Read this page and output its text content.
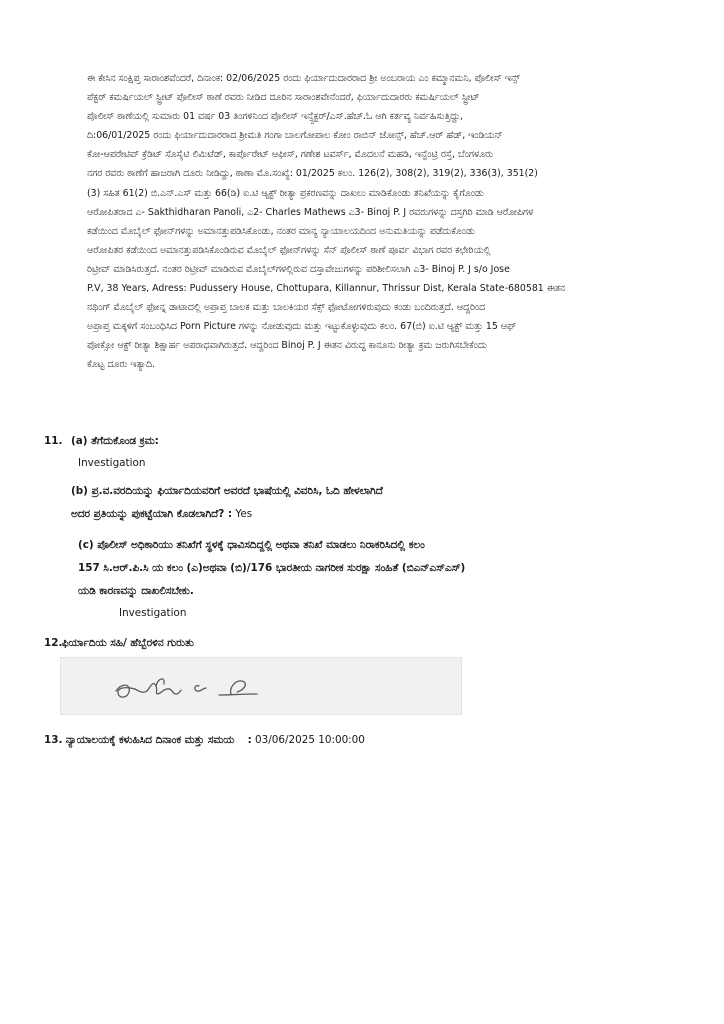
ಈ ಕೇಸಿನ ಸಂಕ್ಷಿಪ್ತ ಸಾರಾಂಶವೆಂದರೆ, ದಿನಾಂಕ: 02/06/2025 ರಂದು ಫಿರ್ಯಾದುದಾರರಾದ ಶ್ರೀ ಅಂಬರಾಯ ಎಂ ಕಮ್ಮಾನಮನಿ, ಪೊಲೀಸ್ ಇನ್ಸ್
ಪೆಕ್ಟರ್ ಕಮರ್ಷಿಯಲ್ ಸ್ಟ್ರೀಟ್ ಪೊಲೀಸ್ ಠಾಣೆ ರವರು ನೀಡಿದ ದೂರಿನ ಸಾರಾಂಶವೇನೆಂದರೆ, ಫಿರ್ಯಾದುದಾರರು ಕಮರ್ಷಿಯಲ್ ಸ್ಟ್ರೀಟ್
ಪೊಲೀಸ್ ಠಾಣೆಯಲ್ಲಿ ಸುಮಾರು 01 ವರ್ಷ 03 ತಿಂಗಳಿನಿಂದ ಪೊಲೀಸ್ ಇನ್ಸ್ಪೆಕ್ಟರ್/ಎಸ್.ಹೆಚ್.ಓ ಆಗಿ ಕರ್ತವ್ಯ ನಿರ್ವಹಿಸುತ್ತಿದ್ದು,
ದಿ:06/01/2025 ರಂದು ಫಿರ್ಯಾದುದಾರರಾದ ಶ್ರೀಮತಿ ಗಂಗಾ ಬಾಲಗೋಪಾಲ ಕೋಂ ರಾಬಿನ್ ಜೋನ್ಸ್, ಹೆಚ್.ಆರ್ ಹೆಡ್, ಇಂಡಿಯನ್
ಕೋ-ಆಪರೇಟಿವ್ ಕ್ರೆಡಿಟ್ ಸೊಸೈಟಿ ಲಿಮಿಟೆಡ್, ಕಾರ್ಪೊರೇಟ್ ಆಫೀಸ್, ಗಣೇಶ ಟವರ್ಸ್, ಮೊದಲನೆ ಮಹಡಿ, ಇನ್ಫೆಂಟ್ರಿ ರಸ್ತೆ, ಬೆಂಗಳೂರು
ನಗರ ರವರು ಠಾಣೆಗೆ ಹಾಜರಾಗಿ ದೂರು ನೀಡಿದ್ದು, ಠಾಣಾ ಮೊ.ಸಂಖ್ಯೆ: 01/2025 ಕಲಂ. 126(2), 308(2), 319(2), 336(3), 351(2)
(3) ಸಹಿತ 61(2) ಬಿ.ಎನ್.ಎಸ್ ಮತ್ತು 66(ಡಿ) ಐ.ಟಿ ಆ್ಯಕ್ಟ್ ರೀತ್ಯಾ ಪ್ರಕರಣವನ್ನು ದಾಖಲು ಮಾಡಿಕೊಂಡು ತನಿಖೆಯನ್ನು ಕೈಗೊಂಡು
ಆರೋಪಿತರಾದ ಎ- Sakthidharan Panoli, ಎ2- Charles Mathews ಎ3- Binoj P. J ರವರುಗಳನ್ನು ದಸ್ತಗಿರಿ ಮಾಡಿ ಆರೋಪಿಗಳ
ಕಡೆಯಿಂದ ಮೊಬೈಲ್ ಫೋನ್‌ಗಳನ್ನು ಅಮಾನತ್ತುಪಡಿಸಿಕೊಂಡು, ನಂತರ ಮಾನ್ಯ ನ್ಯಾಯಾಲಯದಿಂದ ಅನುಮತಿಯನ್ನು ಪಡೆದುಕೊಂಡು
ಆರೋಪಿತರ ಕಡೆಯಿಂದ ಅಮಾನತ್ತುಪಡಿಸಿಕೊಂಡಿರುವ ಮೊಬೈಲ್ ಫೋನ್‌ಗಳನ್ನು ಸೆನ್ ಪೊಲೀಸ್ ಠಾಣೆ ಪೂರ್ವ ವಿಭಾಗ ರವರ ಕಛೇರಿಯಲ್ಲಿ
ರಿಟ್ರೀವ್ ಮಾಡಿಸಿರುತ್ತದೆ. ನಂತರ ರಿಟ್ರೀವ್ ಮಾಡಿರುವ ಮೊಬೈಲ್‌ಗಳಲ್ಲಿರುವ ದಸ್ತಾವೇಜುಗಳನ್ನು ಪರಿಶೀಲಿಸಲಾಗಿ ಎ3- Binoj P. J s/o Jose
P.V, 38 Years, Adress: Pudussery House, Chottupara, Killannur, Thrissur Dist, Kerala State-680581 ಈತನ
ನಥಿಂಗ್ ಮೊಬೈಲ್ ಫೋನ್ನ ಡಾಟಾದಲ್ಲಿ ಅಪ್ರಾಪ್ತ ಬಾಲಕ ಮತ್ತು ಬಾಲಕಿಯರ ಸೆಕ್ಸ್ ಫೋಟೋಗಳಿರುವುದು ಕಂಡು ಬಂದಿರುತ್ತದೆ. ಆದ್ದರಿಂದ
ಅಪ್ರಾಪ್ತ ಮಕ್ಕಳಿಗೆ ಸಂಬಂಧಿಸಿದ Porn Picture ಗಳನ್ನು ನೋಡುವುದು ಮತ್ತು ಇಟ್ಟುಕೊಳ್ಳುವುದು ಕಲಂ. 67(ಬಿ) ಐ.ಟಿ ಆ್ಯಕ್ಟ್ ಮತ್ತು 15 ಆಫ್
ಪೋಕ್ಸೋ ಆಕ್ಟ್ ರೀತ್ಯಾ ಶಿಕ್ಷಾರ್ಹ ಅಪರಾಧವಾಗಿರುತ್ತದೆ. ಆದ್ದರಿಂದ Binoj P. J ಈತನ ವಿರುದ್ಧ ಕಾನೂನು ರೀತ್ಯಾ ಕ್ರಮ ಜರುಗಿಸಬೇಕೆಂದು
ಕೊಟ್ಟ ದೂರು ಇತ್ಯಾದಿ.
11. (a) ತೆಗೆದುಕೊಂಡ ಕ್ರಮ:
Investigation
(b) ಪ್ರ.ವ.ವರದಿಯನ್ನು ಫಿರ್ಯಾದಿಯವರಿಗೆ ಅವರದೆ ಭಾಷೆಯಲ್ಲಿ ವಿವರಿಸಿ, ಓದಿ ಹೇಳಲಾಗಿದೆ
ಅದರ ಪ್ರತಿಯನ್ನು ಪುಕಟ್ಟೆಯಾಗಿ ಕೊಡಲಾಗಿದೆ? : Yes
(c) ಪೊಲೀಸ್ ಅಧಿಕಾರಿಯು ತನಿಖೆಗೆ ಸ್ಥಳಕ್ಕೆ ಧಾವಿಸದಿದ್ದಲ್ಲಿ ಅಥವಾ ತನಿಖೆ ಮಾಡಲು ನಿರಾಕರಿಸಿದಲ್ಲಿ ಕಲಂ
157 ಸಿ.ಆರ್.ಪಿ.ಸಿ ಯ ಕಲಂ (ಎ)ಅಥವಾ (ಬಿ)/176 ಭಾರತೀಯ ನಾಗರೀಕ ಸುರಕ್ಷಾ ಸಂಹಿತೆ (ಬಿಎನ್ಎಸ್ಎಸ್)
ಯಡಿ ಕಾರಣವನ್ನು ದಾಖಲಿಸಬೇಕು.
Investigation
12. ಫಿರ್ಯಾದಿಯ ಸಹಿ/ ಹೆಬ್ಬೆರಳಿನ ಗುರುತು
13. ನ್ಯಾಯಾಲಯಕ್ಕೆ ಕಳುಹಿಸಿದ ದಿನಾಂಕ ಮತ್ತು ಸಮಯ : 03/06/2025 10:00:00
